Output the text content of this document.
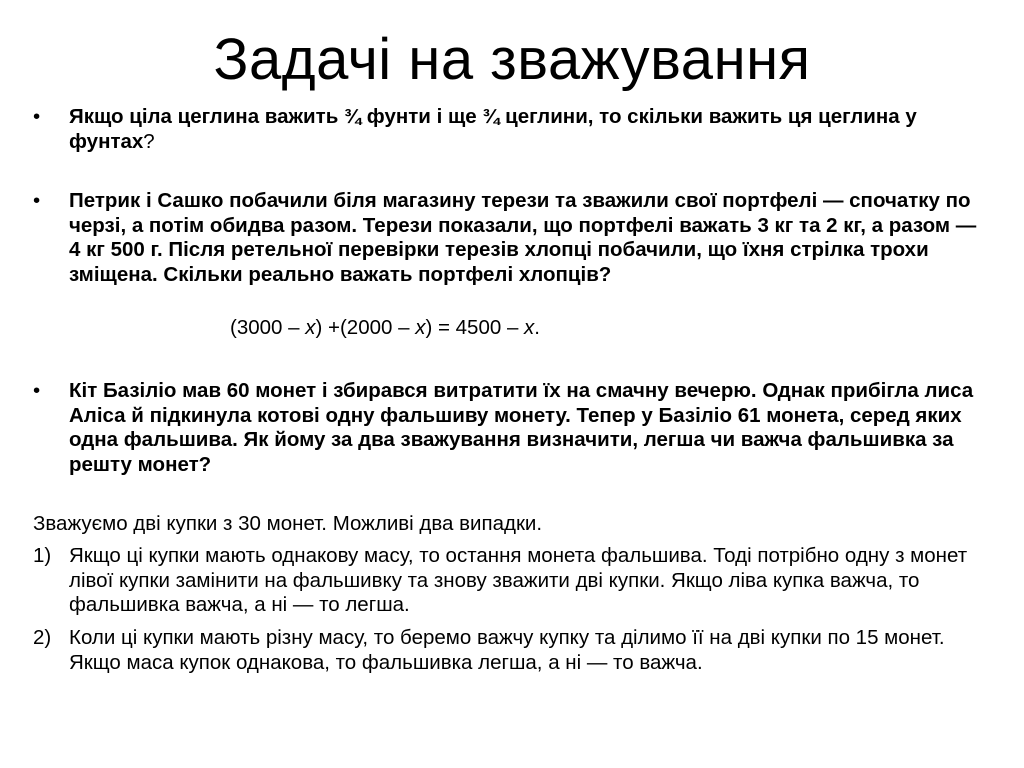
Задачі на зважування
•	Якщо ціла цеглина важить ¾ фунти і ще ¾ цеглини, то скільки важить ця цеглина у фунтах?
•	Петрик і Сашко побачили біля магазину терези та зважили свої портфелі — спочатку по черзі, а потім обидва разом. Терези показали, що портфелі важать 3 кг та 2 кг, а разом — 4 кг 500 г. Після ретельної перевірки терезів хлопці побачили, що їхня стрілка трохи зміщена. Скільки реально важать портфелі хлопців?
(3000 – x) +(2000 – x) = 4500 – x.
•	Кіт Базіліо мав 60 монет і збирався витратити їх на смачну вечерю. Однак прибігла лиса Аліса й підкинула котові одну фальшиву монету. Тепер у Базіліо 61 монета, серед яких одна фальшива. Як йому за два зважування визначити, легша чи важча фальшивка за решту монет?
Зважуємо дві купки з 30 монет. Можливі два випадки.
1) Якщо ці купки мають однакову масу, то остання монета фальшива. Тоді потрібно одну з монет лівої купки замінити на фальшивку та знову зважити дві купки. Якщо ліва купка важча, то фальшивка важча, а ні — то легша.
2) Коли ці купки мають різну масу, то беремо важчу купку та ділимо її на дві купки по 15 монет. Якщо маса купок однакова, то фальшивка легша, а ні — то важча.
